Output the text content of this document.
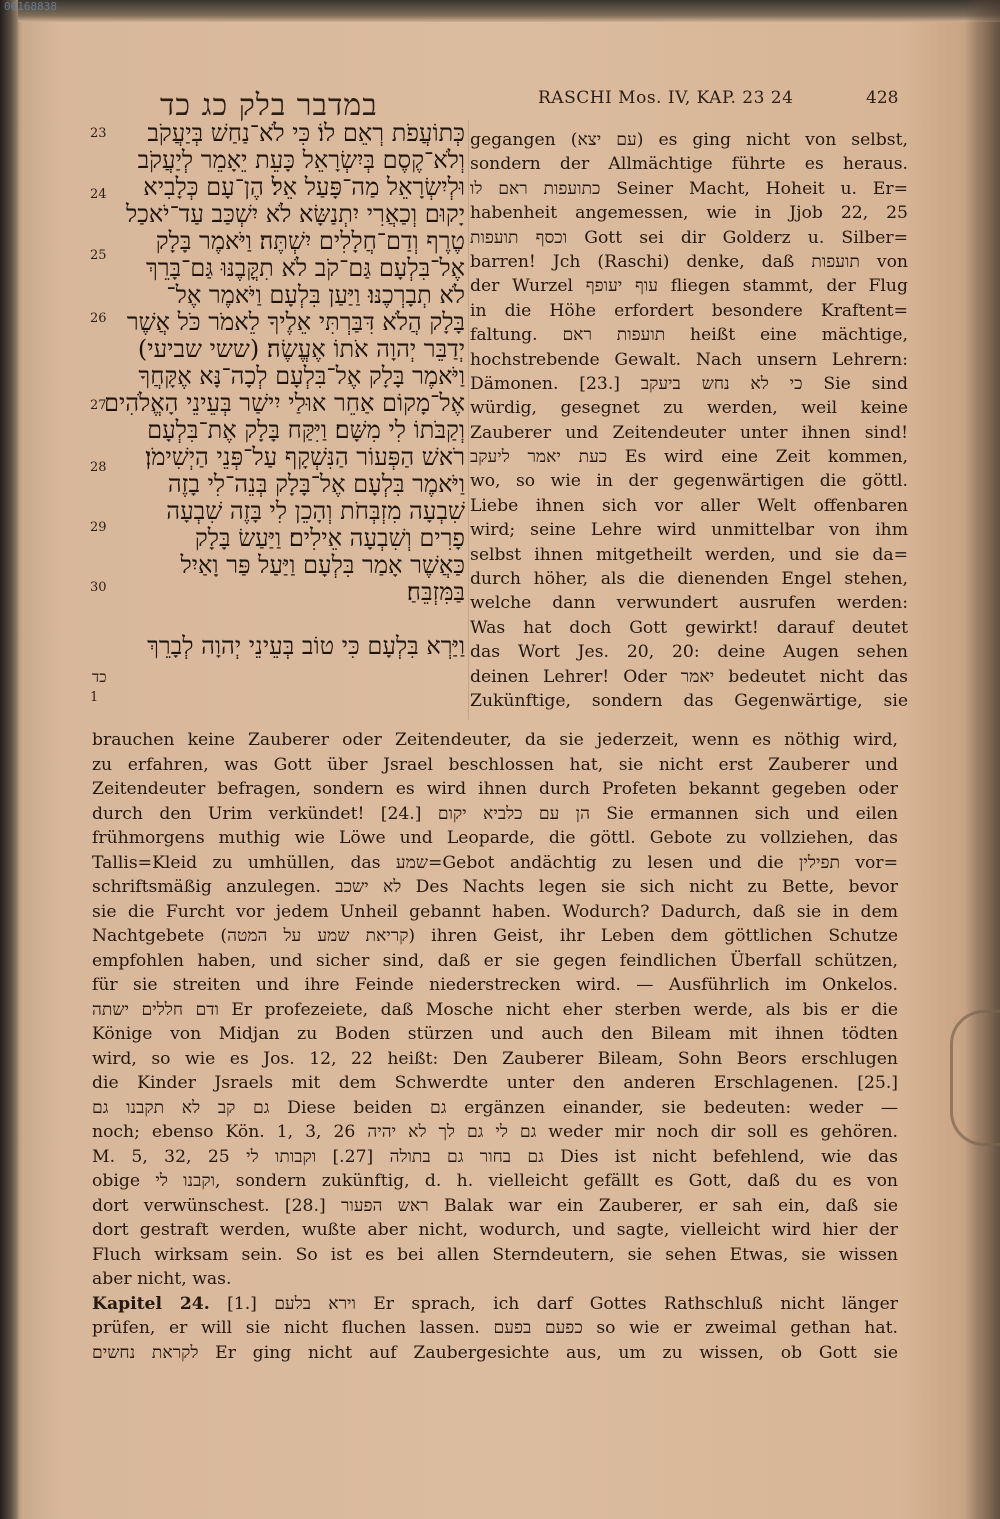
00168838
במדבר בלק כג כד	RASCHI Mos. IV, KAP. 23 24	428
23
24
25
26
27
28
29
30
1
כד
כְּתוֹעֲפֹת רְאֵם לוֹ׃ כִּי לֹא־נַחַשׁ בְּיַעֲקֹב
וְלֹא־קֶסֶם בְּיִשְׂרָאֵל כָּעֵת יֵאָמֵר לְיַעֲקֹב
וּלְיִשְׂרָאֵל מַה־פָּעַל אֵל׃ הֶן־עָם כְּלָבִיא
יָקוּם וְכַאֲרִי יִתְנַשָּׂא לֹא יִשְׁכַּב עַד־יֹאכַל
טֶרֶף וְדַם־חֲלָלִים יִשְׁתֶּה׃ וַיֹּאמֶר בָּלָק
אֶל־בִּלְעָם גַּם־קֹב לֹא תִקֳּבֶנּוּ גַּם־בָּרֵךְ
לֹא תְבָרְכֶנּוּ׃ וַיַּעַן בִּלְעָם וַיֹּאמֶר אֶל־
בָּלָק הֲלֹא דִּבַּרְתִּי אֵלֶיךָ לֵאמֹר כֹּל אֲשֶׁר
יְדַבֵּר יְהוָה אֹתוֹ אֶעֱשֶׂה׃ (ששי שביעי)
וַיֹּאמֶר בָּלָק אֶל־בִּלְעָם לְכָה־נָּא אֶקָּחֲךָ
אֶל־מָקוֹם אַחֵר אוּלַי יִישַׁר בְּעֵינֵי הָאֱלֹהִים
וְקַבֹּתוֹ לִי מִשָּׁם׃ וַיִּקַּח בָּלָק אֶת־בִּלְעָם
רֹאשׁ הַפְּעוֹר הַנִּשְׁקָף עַל־פְּנֵי הַיְשִׁימֹן׃
וַיֹּאמֶר בִּלְעָם אֶל־בָּלָק בְּנֵה־לִי בָזֶה
שִׁבְעָה מִזְבְּחֹת וְהָכֵן לִי בָּזֶה שִׁבְעָה
פָרִים וְשִׁבְעָה אֵילִים׃ וַיַּעַשׂ בָּלָק
כַּאֲשֶׁר אָמַר בִּלְעָם וַיַּעַל פַּר וָאַיִל
בַּמִּזְבֵּחַ׃
וַיַּרְא בִּלְעָם כִּי טוֹב בְּעֵינֵי יְהוָה לְבָרֵךְ
gegangen (עם יצא) es ging nicht von selbst,
sondern der Allmächtige führte es heraus.
כתועפות ראם לו Seiner Macht, Hoheit u. Er=
habenheit angemessen, wie in Jjob 22, 25
וכסף תועפות Gott sei dir Golderz u. Silber=
barren! Jch (Raschi) denke, daß תועפות von
der Wurzel עוף יעופף fliegen stammt, der Flug
in die Höhe erfordert besondere Kraftent=
faltung. תועפות ראם heißt eine mächtige,
hochstrebende Gewalt. Nach unsern Lehrern:
Dämonen. [23.] כי לא נחש ביעקב Sie sind
würdig, gesegnet zu werden, weil keine
Zauberer und Zeitendeuter unter ihnen sind!
כעת יאמר ליעקב Es wird eine Zeit kommen,
wo, so wie in der gegenwärtigen die göttl.
Liebe ihnen sich vor aller Welt offenbaren
wird; seine Lehre wird unmittelbar von ihm
selbst ihnen mitgetheilt werden, und sie da=
durch höher, als die dienenden Engel stehen,
welche dann verwundert ausrufen werden:
Was hat doch Gott gewirkt! darauf deutet
das Wort Jes. 20, 20: deine Augen sehen
deinen Lehrer! Oder יאמר bedeutet nicht das
Zukünftige, sondern das Gegenwärtige, sie
brauchen keine Zauberer oder Zeitendeuter, da sie jederzeit, wenn es nöthig wird,
zu erfahren, was Gott über Jsrael beschlossen hat, sie nicht erst Zauberer und
Zeitendeuter befragen, sondern es wird ihnen durch Profeten bekannt gegeben oder
durch den Urim verkündet! [24.] הן עם כלביא יקום Sie ermannen sich und eilen
frühmorgens muthig wie Löwe und Leoparde, die göttl. Gebote zu vollziehen, das
Tallis=Kleid zu umhüllen, das שמע=Gebot andächtig zu lesen und die תפילין vor=
schriftsmäßig anzulegen. לא ישכב Des Nachts legen sie sich nicht zu Bette, bevor
sie die Furcht vor jedem Unheil gebannt haben. Wodurch? Dadurch, daß sie in dem
Nachtgebete (קריאת שמע על המטה) ihren Geist, ihr Leben dem göttlichen Schutze
empfohlen haben, und sicher sind, daß er sie gegen feindlichen Überfall schützen,
für sie streiten und ihre Feinde niederstrecken wird. — Ausführlich im Onkelos.
ודם חללים ישתה Er profezeiete, daß Mosche nicht eher sterben werde, als bis er die
Könige von Midjan zu Boden stürzen und auch den Bileam mit ihnen tödten
wird, so wie es Jos. 12, 22 heißt: Den Zauberer Bileam, Sohn Beors erschlugen
die Kinder Jsraels mit dem Schwerdte unter den anderen Erschlagenen. [25.]
גם קב לא תקבנו גם Diese beiden גם ergänzen einander, sie bedeuten: weder —
noch; ebenso Kön. 1, 3, 26 גם לי גם לך לא יהיה weder mir noch dir soll es gehören.
M. 5, 32, 25 גם בחור גם בתולה [27.] וקבותו לי Dies ist nicht befehlend, wie das
obige וקבנו לי, sondern zukünftig, d. h. vielleicht gefällt es Gott, daß du es von
dort verwünschest. [28.] ראש הפעור Balak war ein Zauberer, er sah ein, daß sie
dort gestraft werden, wußte aber nicht, wodurch, und sagte, vielleicht wird hier der
Fluch wirksam sein. So ist es bei allen Sterndeutern, sie sehen Etwas, sie wissen
aber nicht, was.
Kapitel 24. [1.] וירא בלעם Er sprach, ich darf Gottes Rathschluß nicht länger
prüfen, er will sie nicht fluchen lassen. כפעם בפעם so wie er zweimal gethan hat.
לקראת נחשים Er ging nicht auf Zaubergesichte aus, um zu wissen, ob Gott sie
